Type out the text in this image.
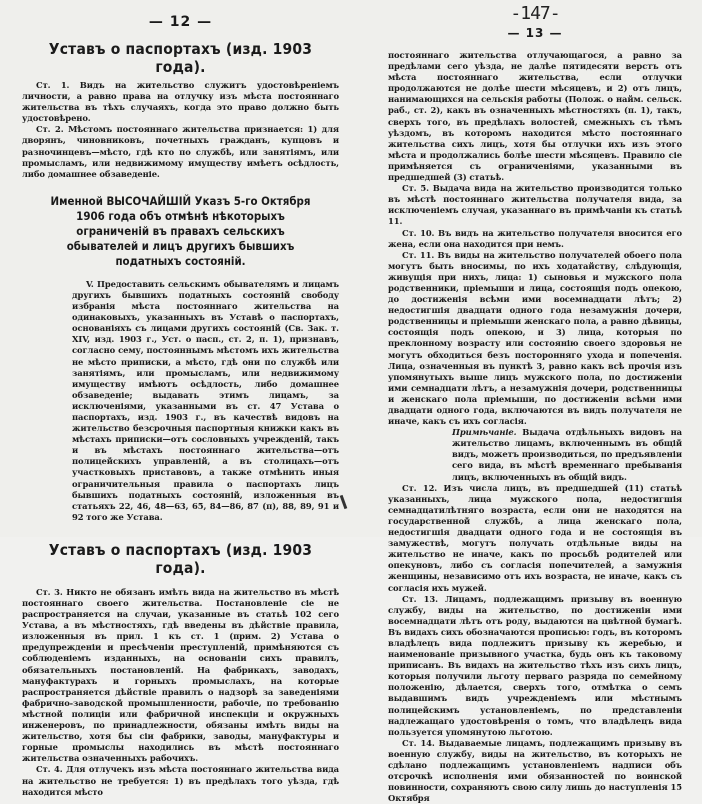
— 12 —
Уставъ о паспортахъ (изд. 1903 года).

Ст. 1. Видъ на жительство служитъ удостовѣреніемъ личности, а равно права на отлучку изъ мѣста постояннаго жительства въ тѣхъ случаяхъ, когда это право должно быть удостовѣрено.

Ст. 2. Мѣстомъ постояннаго жительства признается: 1) для дворянъ, чиновниковъ, почетныхъ гражданъ, купцовъ и разночинцевъ—мѣсто, гдѣ кто по службѣ, или занятіямъ, или промысламъ, или недвижимому имуществу имѣетъ осѣдлость, либо домашнее обзаведеніе.

Именной ВЫСОЧАЙШІЙ Указъ 5-го Октября 1906 года объ отмѣнѣ нѣкоторыхъ ограниченій въ правахъ сельскихъ обывателей и лицъ другихъ бывшихъ податныхъ состояній.

V. Предоставить сельскимъ обывателямъ и лицамъ другихъ бывшихъ податныхъ состояній свободу избранія мѣста постояннаго жительства на одинаковыхъ, указанныхъ въ Уставѣ о паспортахъ, основаніяхъ съ лицами другихъ состояній (Св. Зак. т. XIV, изд. 1903 г., Уст. о пасп., ст. 2, п. 1), признавъ, согласно сему, постояннымъ мѣстомъ ихъ жительства не мѣсто приписки, а мѣсто, гдѣ они по службѣ или занятіямъ, или промысламъ, или недвижимому имуществу имѣютъ осѣдлость, либо домашнее обзаведеніе; выдавать этимъ лицамъ, за исключеніями, указанными въ ст. 47 Устава о паспортахъ, изд. 1903 г., въ качествѣ видовъ на жительство безсрочныя паспортныя книжки какъ въ мѣстахъ приписки—отъ сословныхъ учрежденій, такъ и въ мѣстахъ постояннаго жительства—отъ полицейскихъ управленій, а въ столицахъ—отъ участковыхъ приставовъ, а также отмѣнить иныя ограничительныя правила о паспортахъ лицъ бывшихъ податныхъ состояній, изложенныя въ статьяхъ 22, 46, 48—63, 65, 84—86, 87 (п), 88, 89, 91 и 92 того же Устава.

Уставъ о паспортахъ (изд. 1903 года).

Ст. 3. Никто не обязанъ имѣть вида на жительство въ мѣстѣ постояннаго своего жительства. Постановленіе сіе не распространяется на случаи, указанные въ статьѣ 102 сего Устава, а въ мѣстностяхъ, гдѣ введены въ дѣйствіе правила, изложенныя въ прил. 1 къ ст. 1 (прим. 2) Устава о предупрежденіи и пресѣченіи преступленій, примѣняются съ соблюденіемъ изданныхъ, на основаніи сихъ правилъ, обязательныхъ постановленій. На фабрикахъ, заводахъ, мануфактурахъ и горныхъ промыслахъ, на которые распространяется дѣйствіе правилъ о надзорѣ за заведеніями фабрично-заводской промышленности, рабочіе, по требованію мѣстной полиціи или фабричной инспекціи и окружныхъ инженеровъ, по принадлежности, обязаны имѣть виды на жительство, хотя бы сіи фабрики, заводы, мануфактуры и горные промыслы находились въ мѣстѣ постояннаго жительства означенныхъ рабочихъ.

Ст. 4. Для отлучекъ изъ мѣста постояннаго жительства вида на жительство не требуется: 1) въ предѣлахъ того уѣзда, гдѣ находится мѣсто

-147-
— 13 —

постояннаго жительства отлучающагося, а равно за предѣлами сего уѣзда, не далѣе пятидесяти верстъ отъ мѣста постояннаго жительства, если отлучки продолжаются не долѣе шести мѣсяцевъ, и 2) отъ лицъ, нанимающихся на сельскія работы (Полож. о найм. сельск. раб., ст. 2), какъ въ означенныхъ мѣстностяхъ (п. 1), такъ, сверхъ того, въ предѣлахъ волостей, смежныхъ съ тѣмъ уѣздомъ, въ которомъ находится мѣсто постояннаго жительства сихъ лицъ, хотя бы отлучки ихъ изъ этого мѣста и продолжались болѣе шести мѣсяцевъ. Правило сіе примѣняется съ ограниченіями, указанными въ предшедшей (3) статьѣ.

Ст. 5. Выдача вида на жительство производится только въ мѣстѣ постояннаго жительства получателя вида, за исключеніемъ случая, указаннаго въ примѣчаніи къ статьѣ 11.

Ст. 10. Въ видъ на жительство получателя вносится его жена, если она находится при немъ.

Ст. 11. Въ виды на жительство получателей обоего пола могутъ быть вносимы, по ихъ ходатайству, слѣдующія, живущія при нихъ, лица: 1) сыновья и мужского пола родственники, пріемыши и лица, состоящія подъ опекою, до достиженія всѣми ими восемнадцати лѣтъ; 2) недостигшія двадцати одного года незамужнія дочери, родственницы и пріемыши женскаго пола, а равно дѣвицы, состоящія подъ опекою, и 3) лица, которыя по преклонному возрасту или состоянію своего здоровья не могутъ обходиться безъ посторонняго ухода и попеченія. Лица, означенныя въ пунктѣ 3, равно какъ всѣ прочія изъ упомянутыхъ выше лицъ мужского пола, по достиженіи ими семнадцати лѣтъ, а незамужнія дочери, родственницы и женскаго пола пріемыши, по достиженіи всѣми ими двадцати одного года, включаются въ видъ получателя не иначе, какъ съ ихъ согласія.

Примѣчаніе. Выдача отдѣльныхъ видовъ на жительство лицамъ, включеннымъ въ общій видъ, можетъ производиться, по предъявленіи сего вида, въ мѣстѣ временнаго пребыванія лицъ, включенныхъ въ общій видъ.

Ст. 12. Изъ числа лицъ, въ предшедшей (11) статьѣ указанныхъ, лица мужского пола, недостигшія семнадцатилѣтняго возраста, если они не находятся на государственной службѣ, а лица женскаго пола, недостигшія двадцати одного года и не состоящія въ замужествѣ, могутъ получать отдѣльные виды на жительство не иначе, какъ по просьбѣ родителей или опекуновъ, либо съ согласія попечителей, а замужнія женщины, независимо отъ ихъ возраста, не иначе, какъ съ согласія ихъ мужей.

Ст. 13. Лицамъ, подлежащимъ призыву въ военную службу, виды на жительство, по достиженіи ими восемнадцати лѣтъ отъ роду, выдаются на цвѣтной бумагѣ. Въ видахъ сихъ обозначаются прописью: годъ, въ которомъ владѣлецъ вида подлежитъ призыву къ жеребью, и наименованіе призывного участка, будь онъ къ таковому приписанъ. Въ видахъ на жительство тѣхъ изъ сихъ лицъ, которыя получили льготу перваго разряда по семейному положенію, дѣлается, сверхъ того, отмѣтка о семъ выдавшимъ видъ учрежденіемъ или мѣстнымъ полицейскимъ установленіемъ, по представленіи надлежащаго удостовѣренія о томъ, что владѣлецъ вида пользуется упомянутою льготою.

Ст. 14. Выдаваемые лицамъ, подлежащимъ призыву въ военную службу, виды на жительство, въ которыхъ не сдѣлано подлежащимъ установленіемъ надписи объ отсрочкѣ исполненія ими обязанностей по воинской повинности, сохраняютъ свою силу лишь до наступленія 15 Октября
